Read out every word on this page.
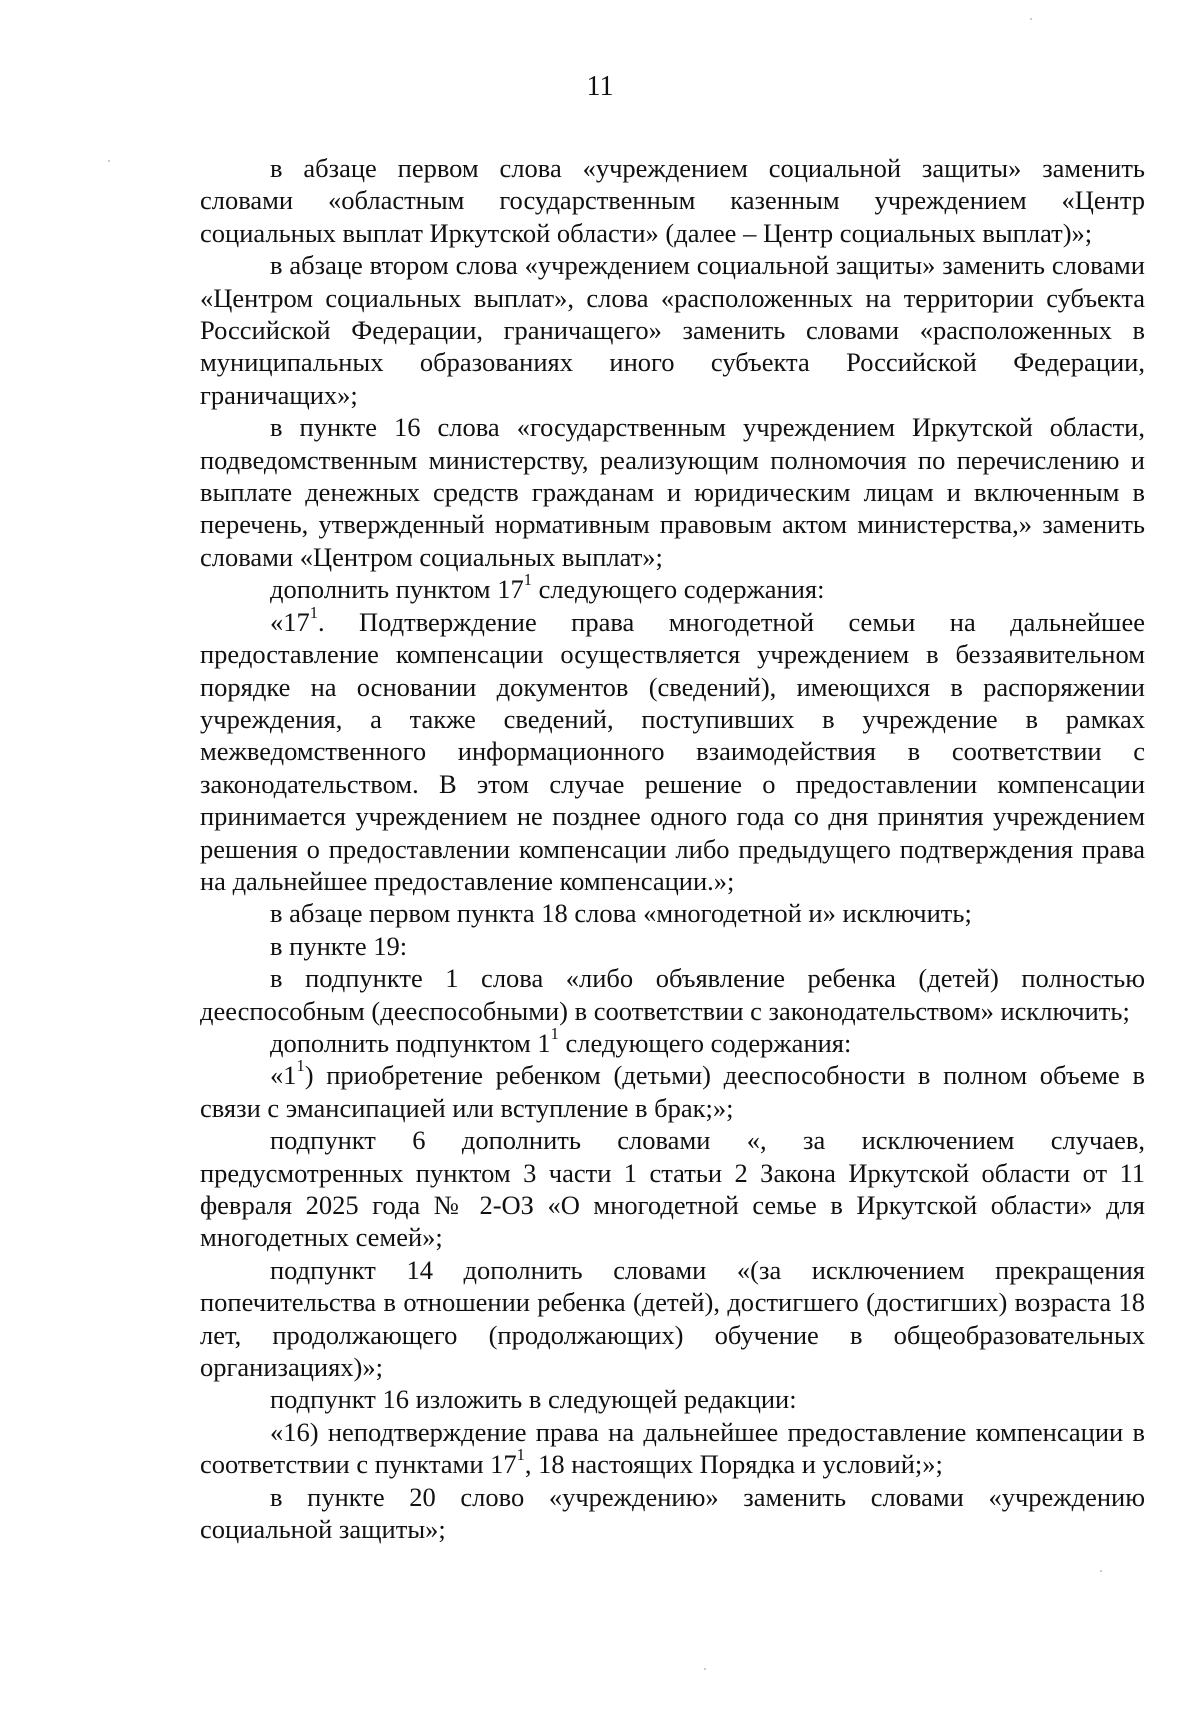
11

в абзаце первом слова «учреждением социальной защиты» заменить словами «областным государственным казенным учреждением «Центр социальных выплат Иркутской области» (далее – Центр социальных выплат)»;

в абзаце втором слова «учреждением социальной защиты» заменить словами «Центром социальных выплат», слова «расположенных на территории субъекта Российской Федерации, граничащего» заменить словами «расположенных в муниципальных образованиях иного субъекта Российской Федерации, граничащих»;

в пункте 16 слова «государственным учреждением Иркутской области, подведомственным министерству, реализующим полномочия по перечислению и выплате денежных средств гражданам и юридическим лицам и включенным в перечень, утвержденный нормативным правовым актом министерства,» заменить словами «Центром социальных выплат»;

дополнить пунктом $17^1$ следующего содержания:

«$17^1$. Подтверждение права многодетной семьи на дальнейшее предоставление компенсации осуществляется учреждением в беззаявительном порядке на основании документов (сведений), имеющихся в распоряжении учреждения, а также сведений, поступивших в учреждение в рамках межведомственного информационного взаимодействия в соответствии с законодательством. В этом случае решение о предоставлении компенсации принимается учреждением не позднее одного года со дня принятия учреждением решения о предоставлении компенсации либо предыдущего подтверждения права на дальнейшее предоставление компенсации.»;

в абзаце первом пункта 18 слова «многодетной и» исключить;

в пункте 19:

в подпункте 1 слова «либо объявление ребенка (детей) полностью дееспособным (дееспособными) в соответствии с законодательством» исключить;

дополнить подпунктом $1^1$ следующего содержания:

«$1^1$) приобретение ребенком (детьми) дееспособности в полном объеме в связи с эмансипацией или вступление в брак;»;

подпункт 6 дополнить словами «, за исключением случаев, предусмотренных пунктом 3 части 1 статьи 2 Закона Иркутской области от 11 февраля 2025 года № 2-ОЗ «О многодетной семье в Иркутской области» для многодетных семей»;

подпункт 14 дополнить словами «(за исключением прекращения попечительства в отношении ребенка (детей), достигшего (достигших) возраста 18 лет, продолжающего (продолжающих) обучение в общеобразовательных организациях)»;

подпункт 16 изложить в следующей редакции:

«16) неподтверждение права на дальнейшее предоставление компенсации в соответствии с пунктами $17^1$, 18 настоящих Порядка и условий;»;

в пункте 20 слово «учреждению» заменить словами «учреждению социальной защиты»;
